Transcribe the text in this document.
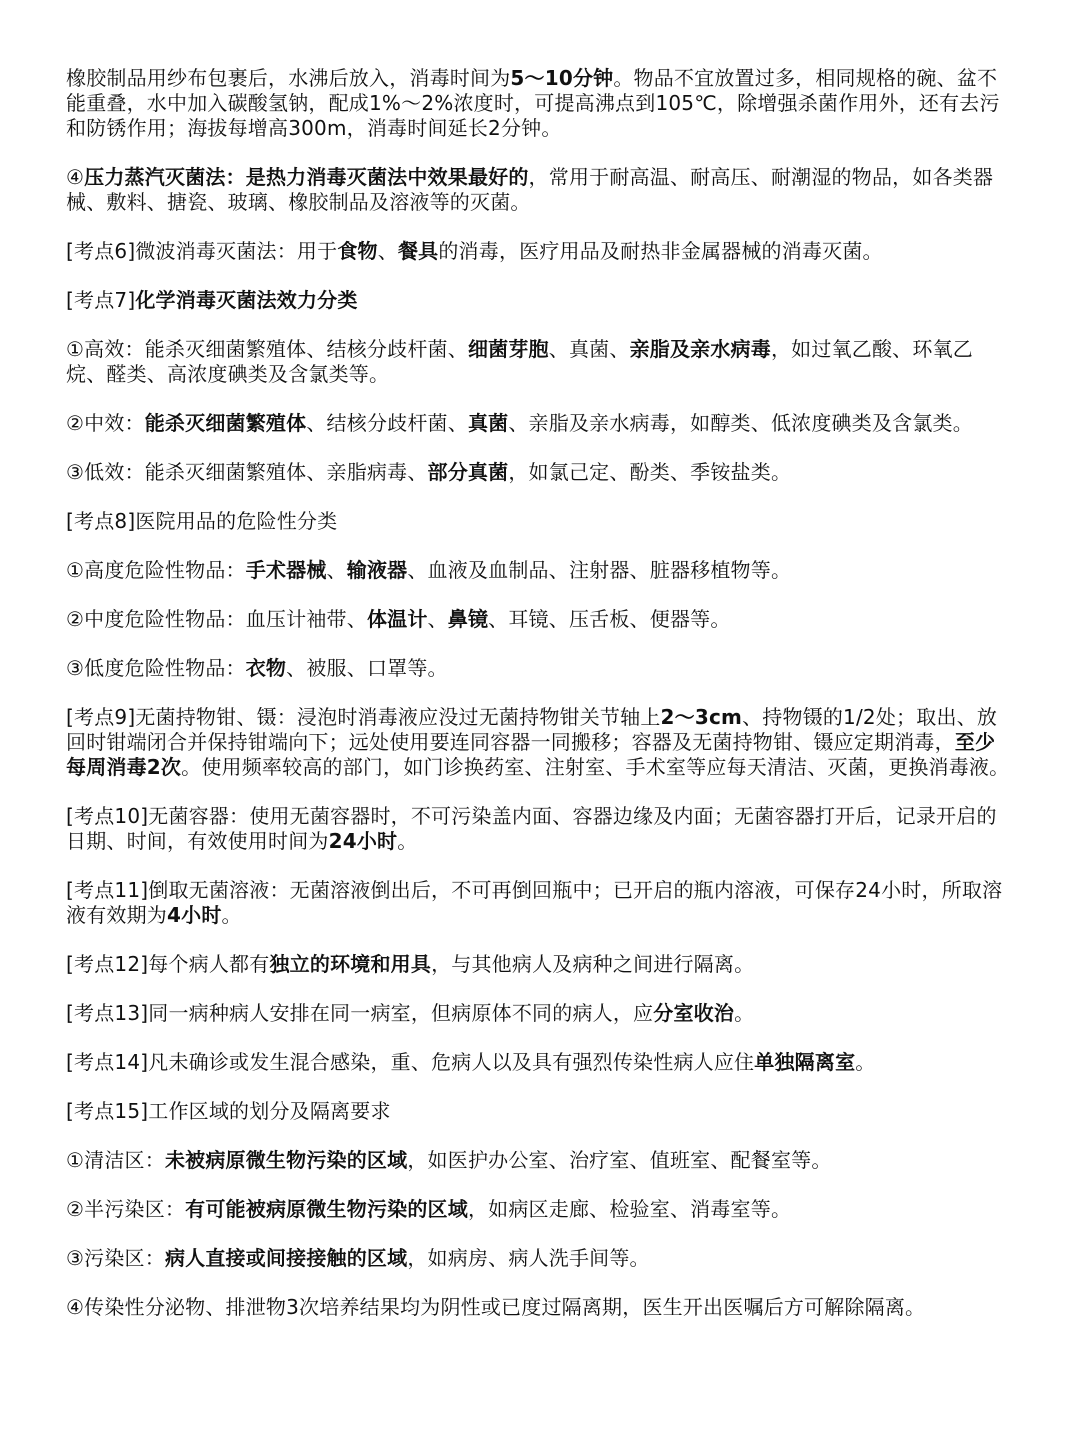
橡胶制品用纱布包裹后，水沸后放入，消毒时间为5～10分钟。物品不宜放置过多，相同规格的碗、盆不能重叠，水中加入碳酸氢钠，配成1%～2%浓度时，可提高沸点到105℃，除增强杀菌作用外，还有去污和防锈作用；海拔每增高300m，消毒时间延长2分钟。

④压力蒸汽灭菌法：是热力消毒灭菌法中效果最好的，常用于耐高温、耐高压、耐潮湿的物品，如各类器械、敷料、搪瓷、玻璃、橡胶制品及溶液等的灭菌。

[考点6]微波消毒灭菌法：用于食物、餐具的消毒，医疗用品及耐热非金属器械的消毒灭菌。

[考点7]化学消毒灭菌法效力分类

①高效：能杀灭细菌繁殖体、结核分歧杆菌、细菌芽胞、真菌、亲脂及亲水病毒，如过氧乙酸、环氧乙烷、醛类、高浓度碘类及含氯类等。

②中效：能杀灭细菌繁殖体、结核分歧杆菌、真菌、亲脂及亲水病毒，如醇类、低浓度碘类及含氯类。

③低效：能杀灭细菌繁殖体、亲脂病毒、部分真菌，如氯己定、酚类、季铵盐类。

[考点8]医院用品的危险性分类

①高度危险性物品：手术器械、输液器、血液及血制品、注射器、脏器移植物等。

②中度危险性物品：血压计袖带、体温计、鼻镜、耳镜、压舌板、便器等。

③低度危险性物品：衣物、被服、口罩等。

[考点9]无菌持物钳、镊：浸泡时消毒液应没过无菌持物钳关节轴上2～3cm、持物镊的1/2处；取出、放回时钳端闭合并保持钳端向下；远处使用要连同容器一同搬移；容器及无菌持物钳、镊应定期消毒，至少每周消毒2次。使用频率较高的部门，如门诊换药室、注射室、手术室等应每天清洁、灭菌，更换消毒液。

[考点10]无菌容器：使用无菌容器时，不可污染盖内面、容器边缘及内面；无菌容器打开后，记录开启的日期、时间，有效使用时间为24小时。

[考点11]倒取无菌溶液：无菌溶液倒出后，不可再倒回瓶中；已开启的瓶内溶液，可保存24小时，所取溶液有效期为4小时。

[考点12]每个病人都有独立的环境和用具，与其他病人及病种之间进行隔离。

[考点13]同一病种病人安排在同一病室，但病原体不同的病人，应分室收治。

[考点14]凡未确诊或发生混合感染，重、危病人以及具有强烈传染性病人应住单独隔离室。

[考点15]工作区域的划分及隔离要求

①清洁区：未被病原微生物污染的区域，如医护办公室、治疗室、值班室、配餐室等。

②半污染区：有可能被病原微生物污染的区域，如病区走廊、检验室、消毒室等。

③污染区：病人直接或间接接触的区域，如病房、病人洗手间等。

④传染性分泌物、排泄物3次培养结果均为阴性或已度过隔离期，医生开出医嘱后方可解除隔离。
